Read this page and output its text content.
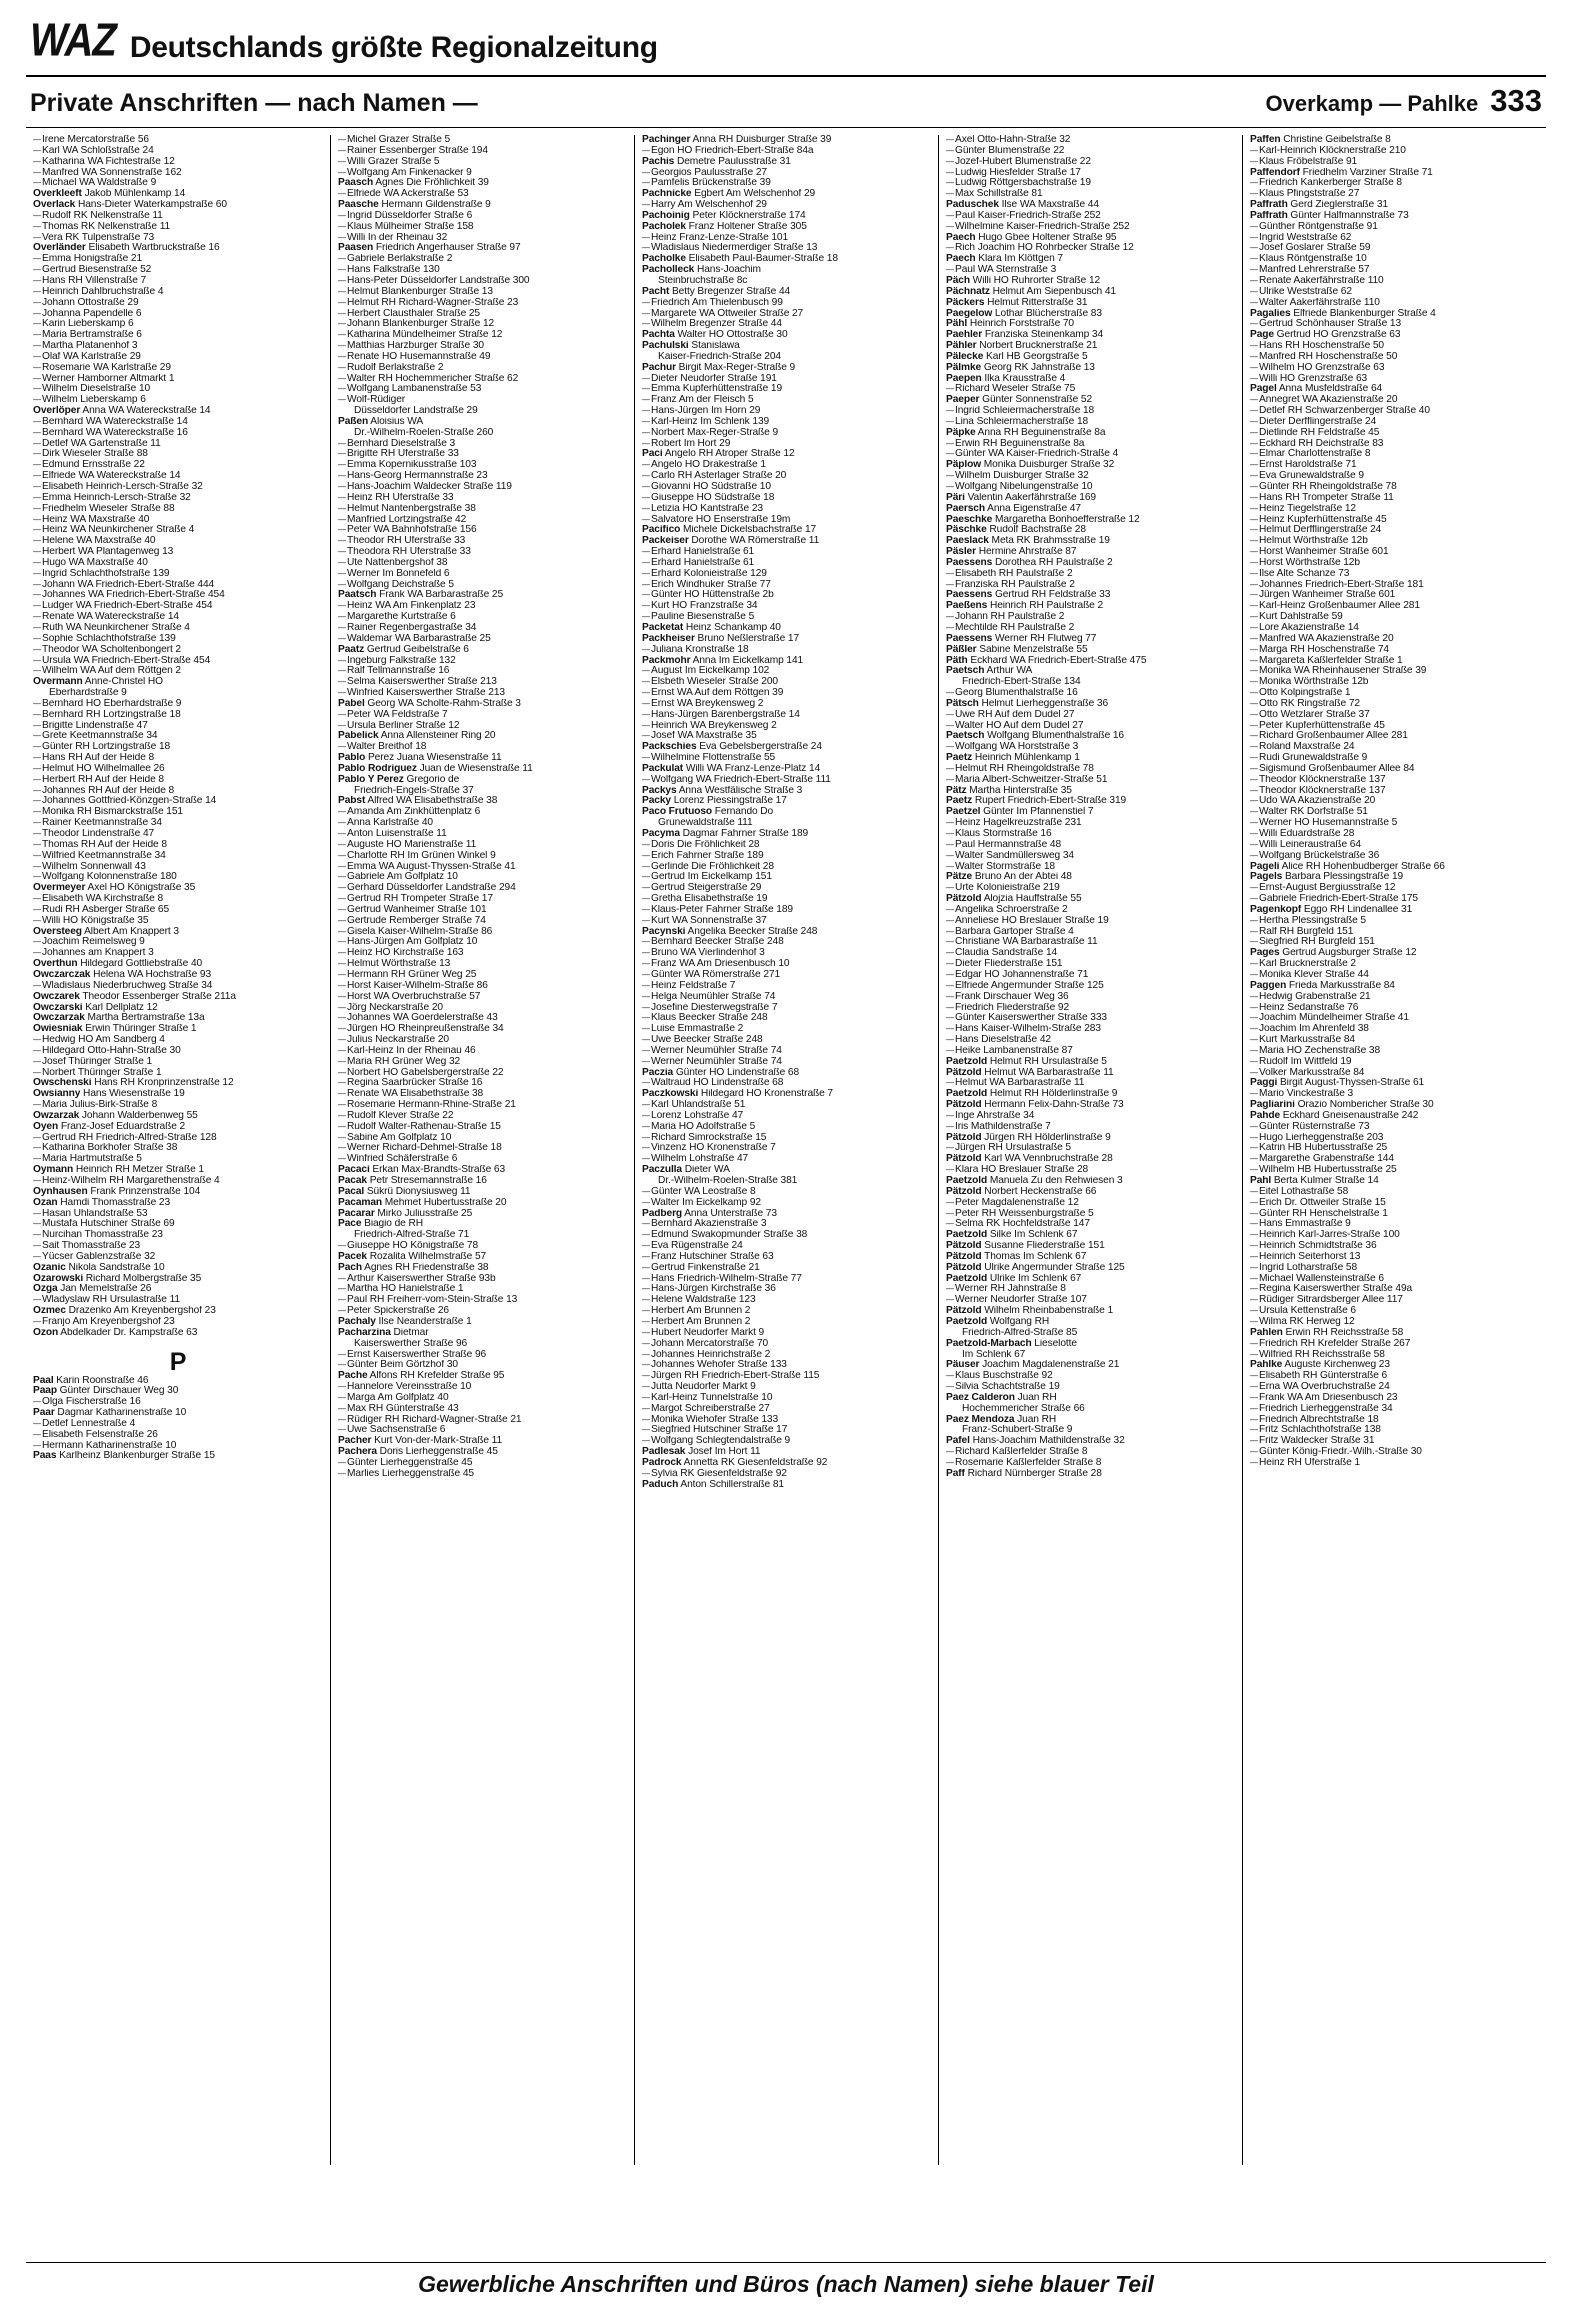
WAZ Deutschlands größte Regionalzeitung
Private Anschriften — nach Namen —	Overkamp — Pahlke 333
— Irene Mercatorstraße 56
— Karl WA Schloßstraße 24
— Katharina WA Fichtestraße 12
— Manfred WA Sonnenstraße 162
— Michael WA Waldstraße 9
Overkleeft Jakob Mühlenkamp 14
Overlack Hans-Dieter Waterkampstraße 60
— Rudolf RK Nelkenstraße 11
— Thomas RK Nelkenstraße 11
— Vera RK Tulpenstraße 73
Overländer Elisabeth Wartbruckstraße 16
— Emma Honigstraße 21
— Gertrud Biesenstraße 52
— Hans RH Villenstraße 7
— Heinrich Dahlbruchstraße 4
— Johann Ottostraße 29
— Johanna Papendelle 6
— Karin Lieberskamp 6
— Maria Bertramstraße 6
— Martha Platanenhof 3
— Olaf WA Karlstraße 29
— Rosemarie WA Karlstraße 29
— Werner Hamborner Altmarkt 1
— Wilhelm Dieselstraße 10
— Wilhelm Lieberskamp 6
Overlöper Anna WA Watereckstraße 14
— Bernhard WA Watereckstraße 14
— Bernhard WA Watereckstraße 16
— Detlef WA Gartenstraße 11
— Dirk Wieseler Straße 88
— Edmund Ernsstraße 22
— Elfriede WA Watereckstraße 14
— Elisabeth Heinrich-Lersch-Straße 32
— Emma Heinrich-Lersch-Straße 32
— Friedhelm Wieseler Straße 88
— Heinz WA Maxstraße 40
— Heinz WA Neunkirchener Straße 4
— Helene WA Maxstraße 40
— Herbert WA Plantagenweg 13
— Hugo WA Maxstraße 40
— Ingrid Schlachthofstraße 139
— Johann WA Friedrich-Ebert-Straße 444
— Johannes WA Friedrich-Ebert-Straße 454
— Ludger WA Friedrich-Ebert-Straße 454
— Renate WA Watereckstraße 14
— Ruth WA Neunkirchener Straße 4
— Sophie Schlachthofstraße 139
— Theodor WA Scholtenbongert 2
— Ursula WA Friedrich-Ebert-Straße 454
— Wilhelm WA Auf dem Röttgen 2
Overmann Anne-Christel HO
Eberhardstraße 9
— Bernhard HO Eberhardstraße 9
— Bernhard RH Lortzingstraße 18
— Brigitte Lindenstraße 47
— Grete Keetmannstraße 34
— Günter RH Lortzingstraße 18
— Hans RH Auf der Heide 8
— Helmut HO Wilhelmallee 26
— Herbert RH Auf der Heide 8
— Johannes RH Auf der Heide 8
— Johannes Gottfried-Könzgen-Straße 14
— Monika RH Bismarckstraße 151
— Rainer Keetmannstraße 34
— Theodor Lindenstraße 47
— Thomas RH Auf der Heide 8
— Wilfried Keetmannstraße 34
— Wilhelm Sonnenwall 43
— Wolfgang Kolonnenstraße 180
Overmeyer Axel HO Königstraße 35
— Elisabeth WA Kirchstraße 8
— Rudi RH Asberger Straße 65
— Willi HO Königstraße 35
Oversteeg Albert Am Knappert 3
— Joachim Reimelsweg 9
— Johannes am Knappert 3
Overthun Hildegard Gottliebstraße 40
Owczarczak Helena WA Hochstraße 93
— Wladislaus Niederbruchweg Straße 34
Owczarek Theodor Essenberger Straße 211a
Owczarski Karl Dellplatz 12
Owczarzak Martha Bertramstraße 13a
Owiesniak Erwin Thüringer Straße 1
— Hedwig HO Am Sandberg 4
— Hildegard Otto-Hahn-Straße 30
— Josef Thüringer Straße 1
— Norbert Thüringer Straße 1
Owschenski Hans RH Kronprinzenstraße 12
Owsianny Hans Wiesenstraße 19
— Maria Julius-Birk-Straße 8
Owzarzak Johann Walderbenweg 55
Oyen Franz-Josef Eduardstraße 2
— Gertrud RH Friedrich-Alfred-Straße 128
— Katharina Borkhofer Straße 38
— Maria Hartmutstraße 5
Oymann Heinrich RH Metzer Straße 1
— Heinz-Wilhelm RH Margarethenstraße 4
Oynhausen Frank Prinzenstraße 104
Ozan Hamdi Thomasstraße 23
— Hasan Uhlandstraße 53
— Mustafa Hutschiner Straße 69
— Nurcihan Thomasstraße 23
— Sait Thomasstraße 23
— Yücser Gablenzstraße 32
Ozanic Nikola Sandstraße 10
Ozarowski Richard Molbergstraße 35
Ozga Jan Memelstraße 26
— Wladyslaw RH Ursulastraße 11
Ozmec Drazenko Am Kreyenbergshof 23
— Franjo Am Kreyenbergshof 23
Ozon Abdelkader Dr. Kampstraße 63
P
Paal Karin Roonstraße 46
Paap Günter Dirschauer Weg 30
— Olga Fischerstraße 16
Paar Dagmar Katharinenstraße 10
— Detlef Lennestraße 4
— Elisabeth Felsenstraße 26
— Hermann Katharinenstraße 10
Paas Karlheinz Blankenburger Straße 15
— Michel Grazer Straße 5
— Rainer Essenberger Straße 194
— Willi Grazer Straße 5
— Wolfgang Am Finkenacker 9
Paasch Agnes Die Fröhlichkeit 39
— Elfriede WA Ackerstraße 53
Paasche Hermann Gildenstraße 9
— Ingrid Düsseldorfer Straße 6
— Klaus Mülheimer Straße 158
— Willi In der Rheinau 32
Paasen Friedrich Angerhauser Straße 97
— Gabriele Berlakstraße 2
— Hans Falkstraße 130
— Hans-Peter Düsseldorfer Landstraße 300
— Helmut Blankenburger Straße 13
— Helmut RH Richard-Wagner-Straße 23
— Herbert Clausthaler Straße 25
— Johann Blankenburger Straße 12
— Katharina Mündelheimer Straße 12
— Matthias Harzburger Straße 30
— Renate HO Husemannstraße 49
— Rudolf Berlakstraße 2
— Walter RH Hochemmericher Straße 62
— Wolfgang Lambanenstraße 53
— Wolf-Rüdiger
Düsseldorfer Landstraße 29
Paßen Aloisius WA
Dr.-Wilhelm-Roelen-Straße 260
— Bernhard Dieselstraße 3
— Brigitte RH Uferstraße 33
— Emma Kopernikusstraße 103
— Hans-Georg Hermannstraße 23
— Hans-Joachim Waldecker Straße 119
— Heinz RH Uferstraße 33
— Helmut Nantenbergstraße 38
— Manfried Lortzingstraße 42
— Peter WA Bahnhofstraße 156
— Theodor RH Uferstraße 33
— Theodora RH Uferstraße 33
— Ute Nattenbergshof 38
— Werner Im Bonnefeld 6
— Wolfgang Deichstraße 5
Paatsch Frank WA Barbarastraße 25
— Heinz WA Am Finkenplatz 23
— Margarethe Kurtstraße 6
— Rainer Regenbergastraße 34
— Waldemar WA Barbarastraße 25
Paatz Gertrud Geibelstraße 6
— Ingeburg Falkstraße 132
— Ralf Tellmannstraße 16
— Selma Kaiserswerther Straße 213
— Winfried Kaiserswerther Straße 213
Pabel Georg WA Scholte-Rahm-Straße 3
— Peter WA Feldstraße 7
— Ursula Berliner Straße 12
Pabelick Anna Allensteiner Ring 20
— Walter Breithof 18
Pablo Perez Juana Wiesenstraße 11
Pablo Rodriguez Juan de Wiesenstraße 11
Pablo Y Perez Gregorio de
Friedrich-Engels-Straße 37
Pabst Alfred WA Elisabethstraße 38
— Amanda Am Zinkhüttenplatz 6
— Anna Karlstraße 40
— Anton Luisenstraße 11
— Auguste HO Marienstraße 11
— Charlotte RH Im Grünen Winkel 9
— Emma WA August-Thyssen-Straße 41
— Gabriele Am Golfplatz 10
— Gerhard Düsseldorfer Landstraße 294
— Gertrud RH Trompeter Straße 17
— Gertrud Wanheimer Straße 101
— Gertrude Remberger Straße 74
— Gisela Kaiser-Wilhelm-Straße 86
— Hans-Jürgen Am Golfplatz 10
— Heinz HO Kirchstraße 163
— Helmut Wörthstraße 13
— Hermann RH Grüner Weg 25
— Horst Kaiser-Wilhelm-Straße 86
— Horst WA Overbruchstraße 57
— Jörg Neckarstraße 20
— Johannes WA Goerdelerstraße 43
— Jürgen HO Rheinpreußenstraße 34
— Julius Neckarstraße 20
— Karl-Heinz In der Rheinau 46
— Maria RH Grüner Weg 32
— Norbert HO Gabelsbergerstraße 22
— Regina Saarbrücker Straße 16
— Renate WA Elisabethstraße 38
— Rosemarie Hermann-Rhine-Straße 21
— Rudolf Klever Straße 22
— Rudolf Walter-Rathenau-Straße 15
— Sabine Am Golfplatz 10
— Werner Richard-Dehmel-Straße 18
— Winfried Schäferstraße 6
Pacaci Erkan Max-Brandts-Straße 63
Pacak Petr Stresemannstraße 16
Pacal Sükrü Dionysiusweg 11
Pacaman Mehmet Hubertusstraße 20
Pacarar Mirko Juliusstraße 25
Pace Biagio de RH
Friedrich-Alfred-Straße 71
— Giuseppe HO Königstraße 78
Pacek Rozalita Wilhelmstraße 57
Pach Agnes RH Friedenstraße 38
— Arthur Kaiserswerther Straße 93b
— Martha HO Hanielstraße 1
— Paul RH Freiherr-vom-Stein-Straße 13
— Peter Spickerstraße 26
Pachaly Ilse Neanderstraße 1
Pacharzina Dietmar
Kaiserswerther Straße 96
— Ernst Kaiserswerther Straße 96
— Günter Beim Görtzhof 30
Pache Alfons RH Krefelder Straße 95
— Hannelore Vereinsstraße 10
— Marga Am Golfplatz 40
— Max RH Günterstraße 43
— Rüdiger RH Richard-Wagner-Straße 21
— Uwe Sachsenstraße 6
Pacher Kurt Von-der-Mark-Straße 11
Pachera Doris Lierheggenstraße 45
— Günter Lierheggenstraße 45
— Marlies Lierheggenstraße 45
Pachinger Anna RH Duisburger Straße 39
— Egon HO Friedrich-Ebert-Straße 84a
Pachis Demetre Paulusstraße 31
— Georgios Paulusstraße 27
— Pamfelis Brückenstraße 39
Pachnicke Egbert Am Welschenhof 29
— Harry Am Welschenhof 29
Pachoinig Peter Klöcknerstraße 174
Pacholek Franz Holtener Straße 305
— Heinz Franz-Lenze-Straße 101
— Wladislaus Niedermerdiger Straße 13
Pacholke Elisabeth Paul-Baumer-Straße 18
Pacholleck Hans-Joachim
Steinbruchstraße 8c
Pacht Betty Bregenzer Straße 44
— Friedrich Am Thielenbusch 99
— Margarete WA Ottweiler Straße 27
— Wilhelm Bregenzer Straße 44
Pachta Walter HO Ottostraße 30
Pachulski Stanislawa
Kaiser-Friedrich-Straße 204
Pachur Birgit Max-Reger-Straße 9
— Dieter Neudorfer Straße 191
— Emma Kupferhüttenstraße 19
— Franz Am der Fleisch 5
— Hans-Jürgen Im Horn 29
— Karl-Heinz Im Schlenk 139
— Norbert Max-Reger-Straße 9
— Robert Im Hort 29
Paci Angelo RH Atroper Straße 12
— Angelo HO Drakestraße 1
— Carlo RH Asterlager Straße 20
— Giovanni HO Südstraße 10
— Giuseppe HO Südstraße 18
— Letizia HO Kantstraße 23
— Salvatore HO Enserstraße 19m
Pacifico Michele Dickelsbachstraße 17
Packeiser Dorothe WA Römerstraße 11
— Erhard Hanielstraße 61
— Erhard Hanielstraße 61
— Erhard Kolonieistraße 129
— Erich Windhuker Straße 77
— Günter HO Hüttenstraße 2b
— Kurt HO Franzstraße 34
— Pauline Biesenstraße 5
Packetat Heinz Schankamp 40
Packheiser Bruno Neßlerstraße 17
— Juliana Kronstraße 18
Packmohr Anna Im Eickelkamp 141
— August Im Eickelkamp 102
— Elsbeth Wieseler Straße 200
— Ernst WA Auf dem Röttgen 39
— Ernst WA Breykensweg 2
— Hans-Jürgen Barenbergstraße 14
— Heinrich WA Breykensweg 2
— Josef WA Maxstraße 35
Packschies Eva Gebelsbergerstraße 24
— Wilhelmine Flottenstraße 55
Packulat Willi WA Franz-Lenze-Platz 14
— Wolfgang WA Friedrich-Ebert-Straße 111
Packys Anna Westfälische Straße 3
Packy Lorenz Piessingstraße 17
Paco Frutuoso Fernando Do
Grunewaldstraße 111
Pacyma Dagmar Fahrner Straße 189
— Doris Die Fröhlichkeit 28
— Erich Fahrner Straße 189
— Gerlinde Die Fröhlichkeit 28
— Gertrud Im Eickelkamp 151
— Gertrud Steigerstraße 29
— Gretha Elisabethstraße 19
— Klaus-Peter Fahrner Straße 189
— Kurt WA Sonnenstraße 37
Pacynski Angelika Beecker Straße 248
— Bernhard Beecker Straße 248
— Bruno WA Vierlindenhof 3
— Franz WA Am Driesenbusch 10
— Günter WA Römerstraße 271
— Heinz Feldstraße 7
— Helga Neumühler Straße 74
— Josefine Diesterwegstraße 7
— Klaus Beecker Straße 248
— Luise Emmastraße 2
— Uwe Beecker Straße 248
— Werner Neumühler Straße 74
— Werner Neumühler Straße 74
Paczia Günter HO Lindenstraße 68
— Waltraud HO Lindenstraße 68
Paczkowski Hildegard HO Kronenstraße 7
— Karl Uhlandstraße 51
— Lorenz Lohstraße 47
— Maria HO Adolfstraße 5
— Richard Simrockstraße 15
— Vinzenz HO Kronenstraße 7
— Wilhelm Lohstraße 47
Paczulla Dieter WA
Dr.-Wilhelm-Roelen-Straße 381
— Günter WA Leostraße 8
— Walter Im Eickelkamp 92
Padberg Anna Unterstraße 73
— Bernhard Akazienstraße 3
— Edmund Swakopmunder Straße 38
— Eva Rügenstraße 24
— Franz Hutschiner Straße 63
— Gertrud Finkenstraße 21
— Hans Friedrich-Wilhelm-Straße 77
— Hans-Jürgen Kirchstraße 36
— Helene Waldstraße 123
— Herbert Am Brunnen 2
— Herbert Am Brunnen 2
— Hubert Neudorfer Markt 9
— Johann Mercatorstraße 70
— Johannes Heinrichstraße 2
— Johannes Wehofer Straße 133
— Jürgen RH Friedrich-Ebert-Straße 115
— Jutta Neudorfer Markt 9
— Karl-Heinz Tunnelstraße 10
— Margot Schreiberstraße 27
— Monika Wiehofer Straße 133
— Siegfried Hutschiner Straße 17
— Wolfgang Schlegtendalstraße 9
Padlesak Josef Im Hort 11
Padrock Annetta RK Giesenfeldstraße 92
— Sylvia RK Giesenfeldstraße 92
Paduch Anton Schillerstraße 81
— Axel Otto-Hahn-Straße 32
— Günter Blumenstraße 22
— Jozef-Hubert Blumenstraße 22
— Ludwig Hiesfelder Straße 17
— Ludwig Röttgersbachstraße 19
— Max Schillstraße 81
Paduschek Ilse WA Maxstraße 44
— Paul Kaiser-Friedrich-Straße 252
— Wilhelmine Kaiser-Friedrich-Straße 252
Paech Hugo Gbee Holtener Straße 95
— Rich Joachim HO Rohrbecker Straße 12
Paech Klara Im Klöttgen 7
— Paul WA Sternstraße 3
Päch Willi HO Ruhrorter Straße 12
Pächnatz Helmut Am Siepenbusch 41
Päckers Helmut Ritterstraße 31
Paegelow Lothar Blücherstraße 83
Pähl Heinrich Forststraße 70
Paehler Franziska Steinenkamp 34
Pähler Norbert Brucknerstraße 21
Pälecke Karl HB Georgstraße 5
Pälmke Georg RK Jahnstraße 13
Paepen Ilka Krausstraße 4
— Richard Weseler Straße 75
Paeper Günter Sonnenstraße 52
— Ingrid Schleiermacherstraße 18
— Lina Schleiermacherstraße 18
Päpke Anna RH Beguinenstraße 8a
— Erwin RH Beguinenstraße 8a
— Günter WA Kaiser-Friedrich-Straße 4
Päplow Monika Duisburger Straße 32
— Wilhelm Duisburger Straße 32
— Wolfgang Nibelungenstraße 10
Päri Valentin Aakerfährstraße 169
Paersch Anna Eigenstraße 47
Paeschke Margaretha Bonhoefferstraße 12
Päschke Rudolf Bachstraße 28
Paeslack Meta RK Brahmsstraße 19
Päsler Hermine Ahrstraße 87
Paessens Dorothea RH Paulstraße 2
— Elisabeth RH Paulstraße 2
— Franziska RH Paulstraße 2
Paessens Gertrud RH Feldstraße 33
Paeßens Heinrich RH Paulstraße 2
— Johann RH Paulstraße 2
— Mechtilde RH Paulstraße 2
Paessens Werner RH Flutweg 77
Päßler Sabine Menzelstraße 55
Päth Eckhard WA Friedrich-Ebert-Straße 475
Paetsch Arthur WA
Friedrich-Ebert-Straße 134
— Georg Blumenthalstraße 16
Pätsch Helmut Lierheggenstraße 36
— Uwe RH Auf dem Dudel 27
— Walter HO Auf dem Dudel 27
Paetsch Wolfgang Blumenthalstraße 16
— Wolfgang WA Horststraße 3
Paetz Heinrich Mühlenkamp 1
— Helmut RH Rheingoldstraße 78
— Maria Albert-Schweitzer-Straße 51
Pätz Martha Hinterstraße 35
Paetz Rupert Friedrich-Ebert-Straße 319
Paetzel Günter Im Pfannenstiel 7
— Heinz Hagelkreuzstraße 231
— Klaus Stormstraße 16
— Paul Hermannstraße 48
— Walter Sandmüllersweg 34
— Walter Stormstraße 18
Pätze Bruno An der Abtei 48
— Urte Kolonieistraße 219
Pätzold Alojzia Hauffstraße 55
— Angelika Schroerstraße 2
— Anneliese HO Breslauer Straße 19
— Barbara Gartoper Straße 4
— Christiane WA Barbarastraße 11
— Claudia Sandstraße 14
— Dieter Fliederstraße 151
— Edgar HO Johannenstraße 71
— Elfriede Angermunder Straße 125
— Frank Dirschauer Weg 36
— Friedrich Fliederstraße 92
— Günter Kaiserswerther Straße 333
— Hans Kaiser-Wilhelm-Straße 283
— Hans Dieselstraße 42
— Heike Lambanenstraße 87
Paetzold Helmut RH Ursulastraße 5
Pätzold Helmut WA Barbarastraße 11
— Helmut WA Barbarastraße 11
Paetzold Helmut RH Hölderlinstraße 9
Pätzold Hermann Felix-Dahn-Straße 73
— Inge Ahrstraße 34
— Iris Mathildenstraße 7
Pätzold Jürgen RH Hölderlinstraße 9
— Jürgen RH Ursulastraße 5
Pätzold Karl WA Vennbruchstraße 28
— Klara HO Breslauer Straße 28
Paetzold Manuela Zu den Rehwiesen 3
Pätzold Norbert Heckenstraße 66
— Peter Magdalenenstraße 12
— Peter RH Weissenburgstraße 5
— Selma RK Hochfeldstraße 147
Paetzold Silke Im Schlenk 67
Pätzold Susanne Fliederstraße 151
Pätzold Thomas Im Schlenk 67
Pätzold Ulrike Angermunder Straße 125
Paetzold Ulrike Im Schlenk 67
— Werner RH Jahnstraße 8
— Werner Neudorfer Straße 107
Pätzold Wilhelm Rheinbabenstraße 1
Paetzold Wolfgang RH
Friedrich-Alfred-Straße 85
Paetzold-Marbach Lieselotte
Im Schlenk 67
Päuser Joachim Magdalenenstraße 21
— Klaus Buschstraße 92
— Silvia Schachtstraße 19
Paez Calderon Juan RH
Hochemmericher Straße 66
Paez Mendoza Juan RH
Franz-Schubert-Straße 9
Pafel Hans-Joachim Mathildenstraße 32
— Richard Kaßlerfelder Straße 8
— Rosemarie Kaßlerfelder Straße 8
Paff Richard Nürnberger Straße 28
Paffen Christine Geibelstraße 8
— Karl-Heinrich Klöcknerstraße 210
— Klaus Fröbelstraße 91
Paffendorf Friedhelm Varziner Straße 71
— Friedrich Kankerberger Straße 8
— Klaus Pfingststraße 27
Paffrath Gerd Zieglerstraße 31
Paffrath Günter Halfmannstraße 73
— Günther Röntgenstraße 91
— Ingrid Weststraße 62
— Josef Goslarer Straße 59
— Klaus Röntgenstraße 10
— Manfred Lehrerstraße 57
— Renate Aakerfährstraße 110
— Ulrike Weststraße 62
— Walter Aakerfährstraße 110
Pagalies Elfriede Blankenburger Straße 4
— Gertrud Schönhauser Straße 13
Page Gertrud HO Grenzstraße 63
— Hans RH Hoschenstraße 50
— Manfred RH Hoschenstraße 50
— Wilhelm HO Grenzstraße 63
— Willi HO Grenzstraße 63
Pagel Anna Musfeldstraße 64
— Annegret WA Akazienstraße 20
— Detlef RH Schwarzenberger Straße 40
— Dieter Derfflingerstraße 24
— Dietlinde RH Feldstraße 45
— Eckhard RH Deichstraße 83
— Elmar Charlottenstraße 8
— Ernst Haroldstraße 71
— Eva Grunewaldstraße 9
— Günter RH Rheingoldstraße 78
— Hans RH Trompeter Straße 11
— Heinz Tiegelstraße 12
— Heinz Kupferhüttenstraße 45
— Helmut Derfflingerstraße 24
— Helmut Wörthstraße 12b
— Horst Wanheimer Straße 601
— Horst Wörthstraße 12b
— Ilse Alte Schanze 73
— Johannes Friedrich-Ebert-Straße 181
— Jürgen Wanheimer Straße 601
— Karl-Heinz Großenbaumer Allee 281
— Kurt Dahlstraße 59
— Lore Akazienstraße 14
— Manfred WA Akazienstraße 20
— Marga RH Hoschenstraße 74
— Margareta Kaßlerfelder Straße 1
— Monika WA Rheinhausener Straße 39
— Monika Wörthstraße 12b
— Otto Kolpingstraße 1
— Otto RK Ringstraße 72
— Otto Wetzlarer Straße 37
— Peter Kupferhüttenstraße 45
— Richard Großenbaumer Allee 281
— Roland Maxstraße 24
— Rudi Grunewaldstraße 9
— Sigismund Großenbaumer Allee 84
— Theodor Klöcknerstraße 137
— Theodor Klöcknerstraße 137
— Udo WA Akazienstraße 20
— Walter RK Dorfstraße 51
— Werner HO Husemannstraße 5
— Willi Eduardstraße 28
— Willi Leineraustraße 64
— Wolfgang Brückelstraße 36
Pageli Alice RH Hohenbudberger Straße 66
Pagels Barbara Plessingstraße 19
— Ernst-August Bergiusstraße 12
— Gabriele Friedrich-Ebert-Straße 175
Pagenkopf Eggo RH Lindenallee 31
— Hertha Plessingstraße 5
— Ralf RH Burgfeld 151
— Siegfried RH Burgfeld 151
Pages Gertrud Augsburger Straße 12
— Karl Brucknerstraße 2
— Monika Klever Straße 44
Paggen Frieda Markusstraße 84
— Hedwig Grabenstraße 21
— Heinz Sedanstraße 76
— Joachim Mündelheimer Straße 41
— Joachim Im Ahrenfeld 38
— Kurt Markusstraße 84
— Maria HO Zechenstraße 38
— Rudolf Im Wittfeld 19
— Volker Markusstraße 84
Paggi Birgit August-Thyssen-Straße 61
— Mario Vinckestraße 3
Pagliarini Orazio Nombericher Straße 30
Pahde Eckhard Gneisenaustraße 242
— Günter Rüsternstraße 73
— Hugo Lierheggenstraße 203
— Katrin HB Hubertusstraße 25
— Margarethe Grabenstraße 144
— Wilhelm HB Hubertusstraße 25
Pahl Berta Kulmer Straße 14
— Eitel Lothastraße 58
— Erich Dr. Ottweiler Straße 15
— Günter RH Henschelstraße 1
— Hans Emmastraße 9
— Heinrich Karl-Jarres-Straße 100
— Heinrich Schmidtstraße 36
— Heinrich Seiterhorst 13
— Ingrid Lotharstraße 58
— Michael Wallensteinstraße 6
— Regina Kaiserswerther Straße 49a
— Rüdiger Sitrardsberger Allee 117
— Ursula Kettenstraße 6
— Wilma RK Herweg 12
Pahlen Erwin RH Reichsstraße 58
— Friedrich RH Krefelder Straße 267
— Wilfried RH Reichsstraße 58
Pahlke Auguste Kirchenweg 23
— Elisabeth RH Günterstraße 6
— Erna WA Overbruchstraße 24
— Frank WA Am Driesenbusch 23
— Friedrich Lierheggenstraße 34
— Friedrich Albrechtstraße 18
— Fritz Schlachthofstraße 138
— Fritz Waldecker Straße 31
— Günter König-Friedr.-Wilh.-Straße 30
— Heinz RH Uferstraße 1
Gewerbliche Anschriften und Büros (nach Namen) siehe blauer Teil
